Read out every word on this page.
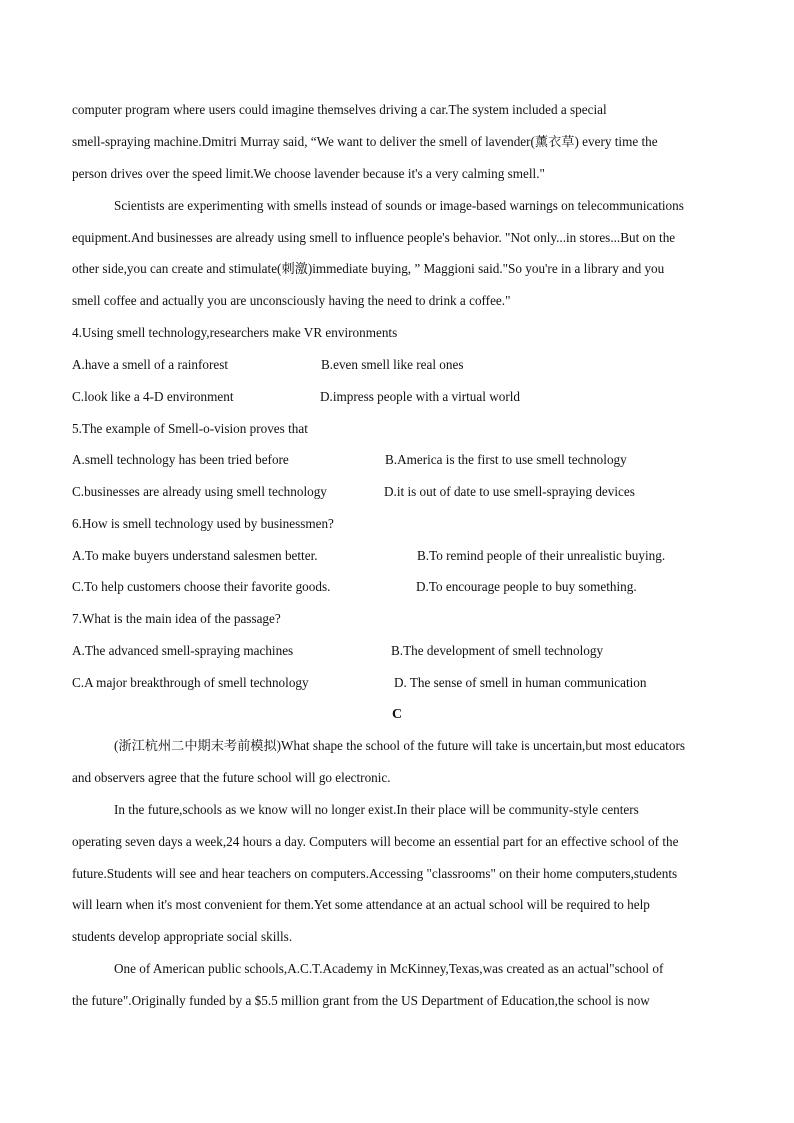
computer program where users could imagine themselves driving a car.The system included a special
smell-spraying machine.Dmitri Murray said, “We want to deliver the smell of lavender(薰衣草) every time the
person drives over the speed limit.We choose lavender because it's a very calming smell."
Scientists are experimenting with smells instead of sounds or image-based warnings on telecommunications
equipment.And businesses are already using smell to influence people's behavior. "Not only...in stores...But on the
other side,you can create and stimulate(刺激)immediate buying, ” Maggioni said."So you're in a library and you
smell coffee and actually you are unconsciously having the need to drink a coffee."
4.Using smell technology,researchers make VR environments
A.have a smell of a rainforest	B.even smell like real ones
C.look like a 4-D environment	D.impress people with a virtual world
5.The example of Smell-o-vision proves that
A.smell technology has been tried before	B.America is the first to use smell technology
C.businesses are already using smell technology	D.it is out of date to use smell-spraying devices
6.How is smell technology used by businessmen?
A.To make buyers understand salesmen better.	B.To remind people of their unrealistic buying.
C.To help customers choose their favorite goods.	D.To encourage people to buy something.
7.What is the main idea of the passage?
A.The advanced smell-spraying machines	B.The development of smell technology
C.A major breakthrough of smell technology	D. The sense of smell in human communication
C
(浙江杭州二中期末考前模拟)What shape the school of the future will take is uncertain,but most educators
and observers agree that the future school will go electronic.
In the future,schools as we know will no longer exist.In their place will be community-style centers
operating seven days a week,24 hours a day. Computers will become an essential part for an effective school of the
future.Students will see and hear teachers on computers.Accessing "classrooms" on their home computers,students
will learn when it's most convenient for them.Yet some attendance at an actual school will be required to help
students develop appropriate social skills.
One of American public schools,A.C.T.Academy in McKinney,Texas,was created as an actual"school of
the future".Originally funded by a $5.5 million grant from the US Department of Education,the school is now
